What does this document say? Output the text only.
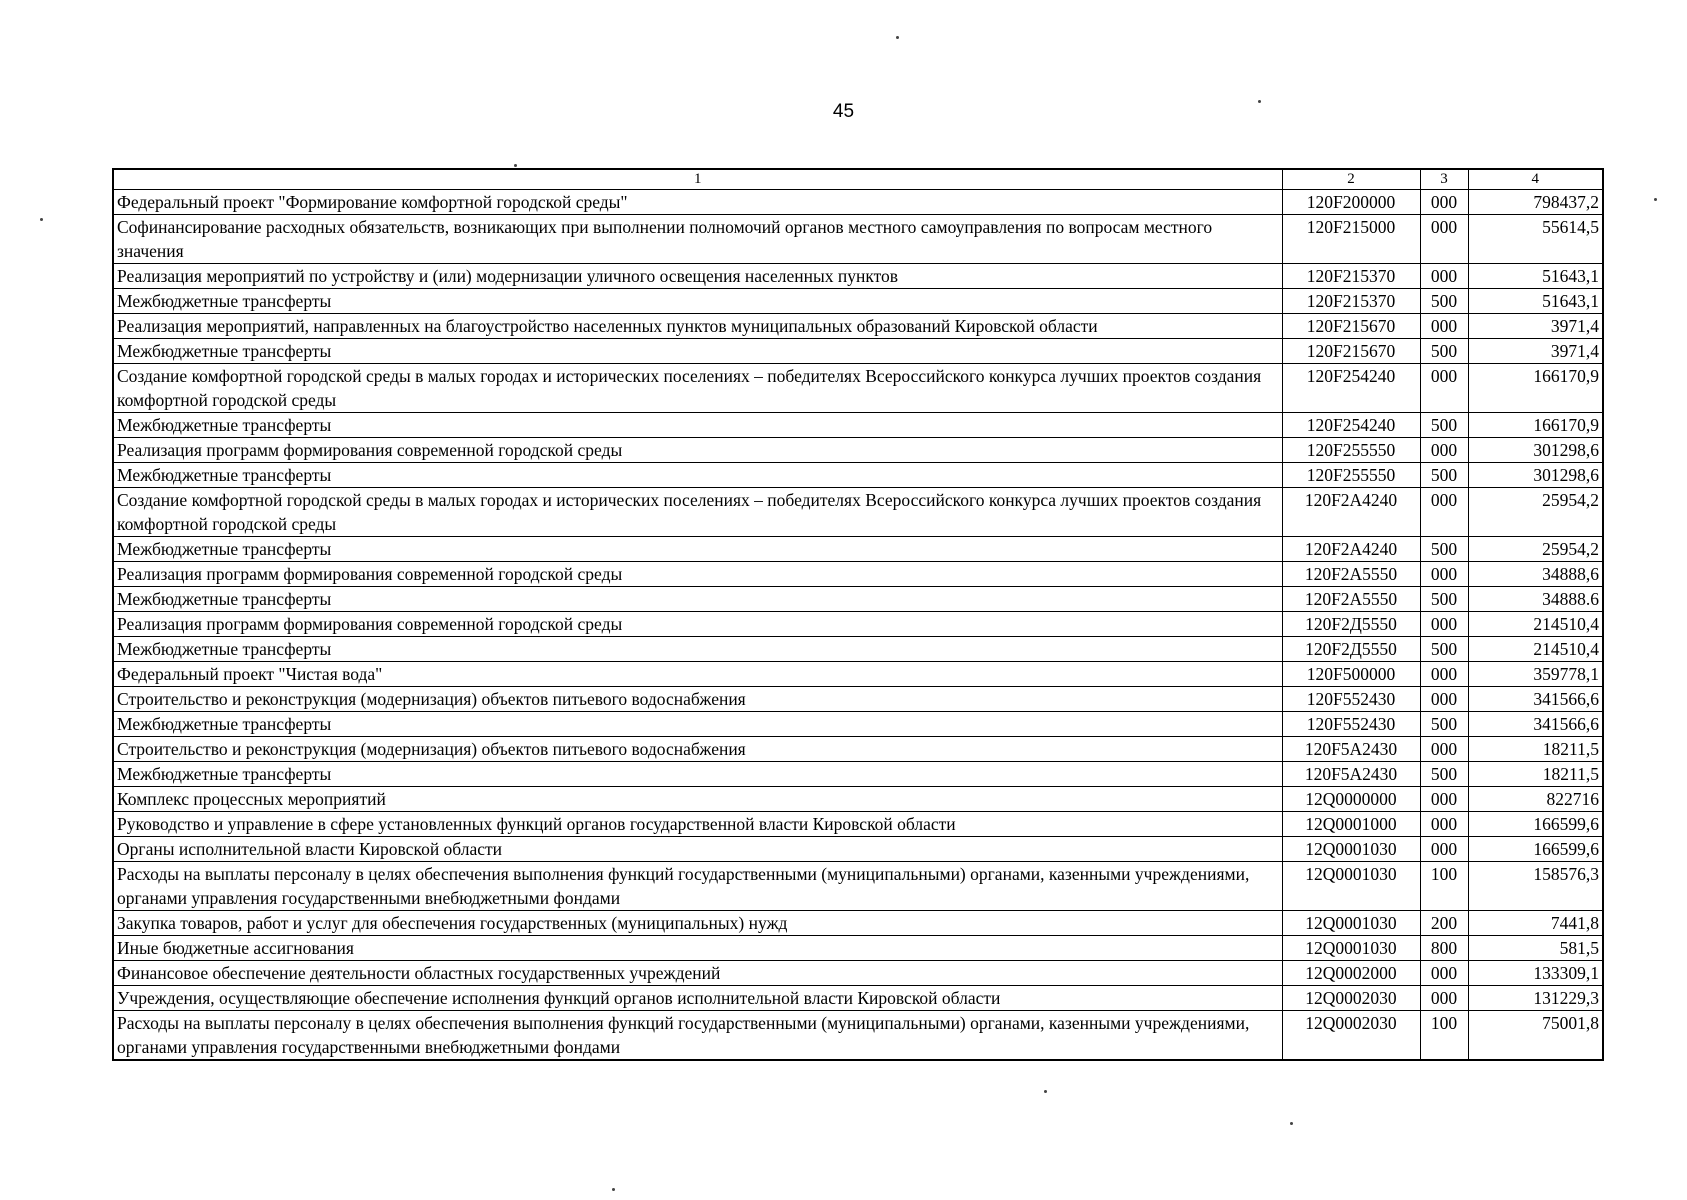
45
1	2	3	4
Федеральный проект "Формирование комфортной городской среды"	120F200000	000	798437,2
Софинансирование расходных обязательств, возникающих при выполнении полномочий органов местного самоуправления по вопросам местного значения	120F215000	000	55614,5
Реализация мероприятий по устройству и (или) модернизации уличного освещения населенных пунктов	120F215370	000	51643,1
Межбюджетные трансферты	120F215370	500	51643,1
Реализация мероприятий, направленных на благоустройство населенных пунктов муниципальных образований Кировской области	120F215670	000	3971,4
Межбюджетные трансферты	120F215670	500	3971,4
Создание комфортной городской среды в малых городах и исторических поселениях – победителях Всероссийского конкурса лучших проектов создания комфортной городской среды	120F254240	000	166170,9
Межбюджетные трансферты	120F254240	500	166170,9
Реализация программ формирования современной городской среды	120F255550	000	301298,6
Межбюджетные трансферты	120F255550	500	301298,6
Создание комфортной городской среды в малых городах и исторических поселениях – победителях Всероссийского конкурса лучших проектов создания комфортной городской среды	120F2A4240	000	25954,2
Межбюджетные трансферты	120F2A4240	500	25954,2
Реализация программ формирования современной городской среды	120F2A5550	000	34888,6
Межбюджетные трансферты	120F2A5550	500	34888.6
Реализация программ формирования современной городской среды	120F2Д5550	000	214510,4
Межбюджетные трансферты	120F2Д5550	500	214510,4
Федеральный проект "Чистая вода"	120F500000	000	359778,1
Строительство и реконструкция (модернизация) объектов питьевого водоснабжения	120F552430	000	341566,6
Межбюджетные трансферты	120F552430	500	341566,6
Строительство и реконструкция (модернизация) объектов питьевого водоснабжения	120F5A2430	000	18211,5
Межбюджетные трансферты	120F5A2430	500	18211,5
Комплекс процессных мероприятий	12Q0000000	000	822716
Руководство и управление в сфере установленных функций органов государственной власти Кировской области	12Q0001000	000	166599,6
Органы исполнительной власти Кировской области	12Q0001030	000	166599,6
Расходы на выплаты персоналу в целях обеспечения выполнения функций государственными (муниципальными) органами, казенными учреждениями, органами управления государственными внебюджетными фондами	12Q0001030	100	158576,3
Закупка товаров, работ и услуг для обеспечения государственных (муниципальных) нужд	12Q0001030	200	7441,8
Иные бюджетные ассигнования	12Q0001030	800	581,5
Финансовое обеспечение деятельности областных государственных учреждений	12Q0002000	000	133309,1
Учреждения, осуществляющие обеспечение исполнения функций органов исполнительной власти Кировской области	12Q0002030	000	131229,3
Расходы на выплаты персоналу в целях обеспечения выполнения функций государственными (муниципальными) органами, казенными учреждениями, органами управления государственными внебюджетными фондами	12Q0002030	100	75001,8
